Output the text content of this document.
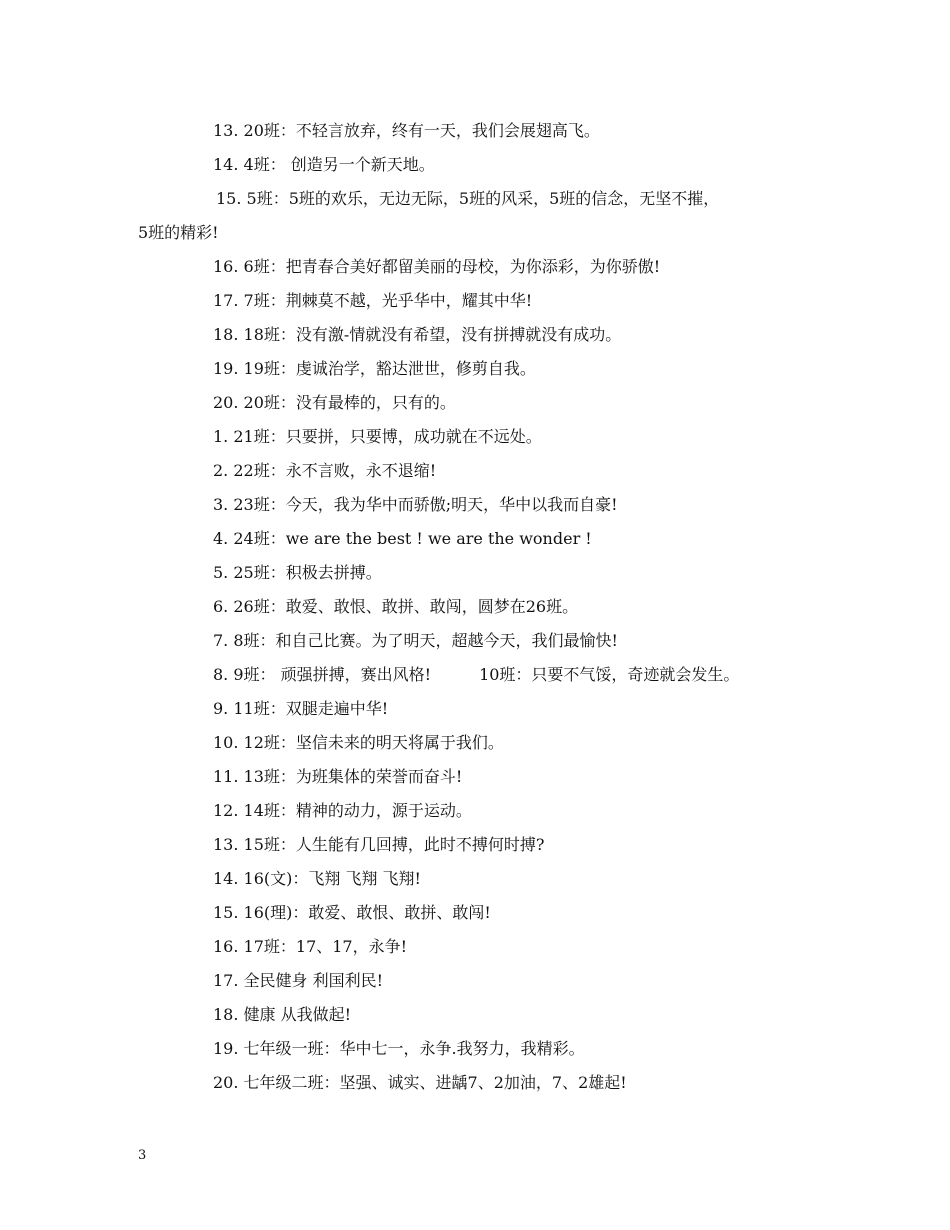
13. 20班：不轻言放弃，终有一天，我们会展翅高飞。
14. 4班： 创造另一个新天地。
15. 5班：5班的欢乐，无边无际，5班的风采，5班的信念，无坚不摧，
5班的精彩!
16. 6班：把青春合美好都留美丽的母校，为你添彩，为你骄傲!
17. 7班：荆棘莫不越，光乎华中，耀其中华!
18. 18班：没有激-情就没有希望，没有拼搏就没有成功。
19. 19班：虔诚治学，豁达泄世，修剪自我。
20. 20班：没有最棒的，只有的。
1. 21班：只要拼，只要博，成功就在不远处。
2. 22班：永不言败，永不退缩!
3. 23班：今天，我为华中而骄傲;明天，华中以我而自豪!
4. 24班：we are the best ! we are the wonder !
5. 25班：积极去拼搏。
6. 26班：敢爱、敢恨、敢拼、敢闯，圆梦在26班。
7. 8班：和自己比赛。为了明天，超越今天，我们最愉快!
8. 9班： 顽强拼搏，赛出风格!	10班：只要不气馁，奇迹就会发生。
9. 11班：双腿走遍中华!
10. 12班：坚信未来的明天将属于我们。
11. 13班：为班集体的荣誉而奋斗!
12. 14班：精神的动力，源于运动。
13. 15班：人生能有几回搏，此时不搏何时搏?
14. 16(文)：飞翔 飞翔 飞翔!
15. 16(理)：敢爱、敢恨、敢拼、敢闯!
16. 17班：17、17，永争!
17. 全民健身 利国利民!
18. 健康 从我做起!
19. 七年级一班：华中七一，永争.我努力，我精彩。
20. 七年级二班：坚强、诚实、进龋7、2加油，7、2雄起!
3
